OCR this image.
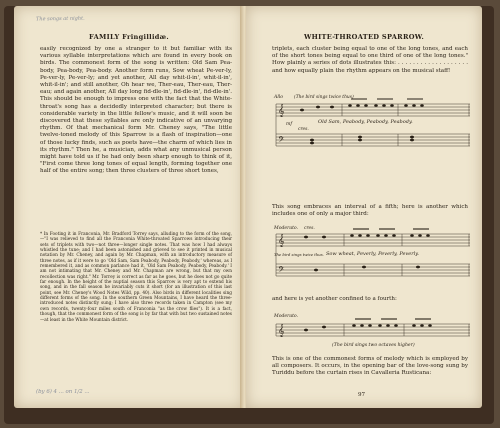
The songs at night.
FAMILY Fringillidæ.
easily recognized by one a stranger to it but familiar with its various syllable interpretations which are found in every book on birds. The commonest form of the song is written: Old Sam Pea-body, Pea-body, Pea-body. Another form runs, Sow wheat Pe-ver-ly, Pe-ver-ly, Pe-ver-ly; and yet another, All day whit-il-in', whit-il-in', whit-il-in'; and still another, Oh hear we, Ther-eau, Ther-eau, Ther-eau; and again another, All day long fid-dle-in', fid-dle-in', fid-dle-in'. This should be enough to impress one with the fact that the White-throat's song has a decidedly interpreted character; but there is considerable variety in the little fellow's music, and it will soon be discovered that these syllables are only indicative of an unvarying rhythm. Of that mechanical form Mr. Cheney says, "The little twelve-toned melody of this Sparrow is a flash of inspiration—one of those lucky finds, such as poets have—the charm of which lies in its rhythm." Then he, a musician, adds what any unmusical person might have told us if he had only been sharp enough to think of it, "First come three long tones of equal length, forming together one half of the entire song; then three clusters of three short tones,
* In Footing it in Franconia, Mr. Bradford Torrey says, alluding to the form of the song,—"I was relieved to find all the Franconia White-throated Sparrows introducing their sets of triplets with two—not three—longer single notes. That was how I had always whistled the tune; and I had been astonished and grieved to see it printed in musical notation by Mr. Cheney, and again by Mr. Chapman, with an introductory measure of three notes, as if it were to go 'Old Sam, Sam Peabody, Peabody, Peabody,' whereas, as I remembered it, and as common parlance had it, 'Old Sam Peabody, Peabody, Peabody.' I am not intimating that Mr. Cheney and Mr. Chapman are wrong, but that my own recollection was right." Mr. Torrey is correct as far as he goes, but he does not go quite far enough. In the height of the nuptial season this Sparrow is very apt to extend his song, and in the fall season he invariably cuts it short (for an illustration of this last point, see Mr. Cheney's Wood Notes Wild, pp. 40). Also birds in different localities sing different forms of the song. In the southern Green Mountains, I have heard the three-introduced notes distinctly sung; I have also three records taken in Campton (see my own records, twenty-four miles south of Franconia "as the crow flies"). It is a fact, though, that the commonest form of the song is by far that with but two sustained notes—at least in the White Mountain district.
(by 6) 4 ... on 1/2 ...
WHITE-THROATED SPARROW.
triplets, each cluster being equal to one of the long tones, and each of the short tones being equal to one third of one of the long tones." How plainly a series of dots illustrates this: . . . . . . . . . . . . . . . . . . . and how equally plain the rhythm appears on the musical staff!
𝄞
𝄢
Allo (The bird sings twice thus)
mf
cres.
Old Sam, Peabody, Peabody, Peabody.
This song embraces an interval of a fifth; here is another which includes one of only a major third:
𝄞
𝄢
Moderato. cres.
The bird sings twice thus. Sow wheat, Peverly, Peverly, Peverly.
and here is yet another confined to a fourth:
𝄞
Moderato.
(The bird sings two octaves higher)
This is one of the commonest forms of melody which is employed by all composers. It occurs, in the opening bar of the love-song sung by Turiddu before the curtain rises in Cavalleria Rusticana:
97
